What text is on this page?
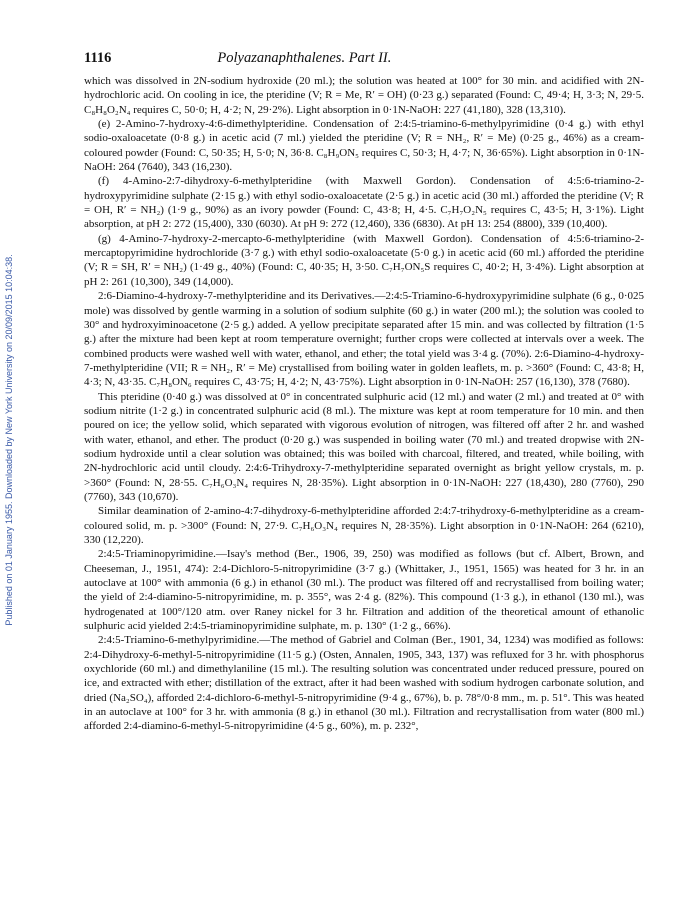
Published on 01 January 1955. Downloaded by New York University on 20/09/2015 10:04:38.
1116	Polyazanaphthalenes. Part II.

which was dissolved in 2N-sodium hydroxide (20 ml.); the solution was heated at 100° for 30 min. and acidified with 2N-hydrochloric acid. On cooling in ice, the pteridine (V; R = Me, R′ = OH) (0·23 g.) separated (Found: C, 49·4; H, 3·3; N, 29·5. C₈H₈O₂N₄ requires C, 50·0; H, 4·2; N, 29·2%). Light absorption in 0·1N-NaOH: 227 (41,180), 328 (13,310).

(e) 2-Amino-7-hydroxy-4:6-dimethylpteridine. Condensation of 2:4:5-triamino-6-methylpyrimidine (0·4 g.) with ethyl sodio-oxaloacetate (0·8 g.) in acetic acid (7 ml.) yielded the pteridine (V; R = NH₂, R′ = Me) (0·25 g., 46%) as a cream-coloured powder (Found: C, 50·35; H, 5·0; N, 36·8. C₈H₉ON₅ requires C, 50·3; H, 4·7; N, 36·65%). Light absorption in 0·1N-NaOH: 264 (7640), 343 (16,230).

(f) 4-Amino-2:7-dihydroxy-6-methylpteridine (with Maxwell Gordon). Condensation of 4:5:6-triamino-2-hydroxypyrimidine sulphate (2·15 g.) with ethyl sodio-oxaloacetate (2·5 g.) in acetic acid (30 ml.) afforded the pteridine (V; R = OH, R′ = NH₂) (1·9 g., 90%) as an ivory powder (Found: C, 43·8; H, 4·5. C₇H₇O₂N₅ requires C, 43·5; H, 3·1%). Light absorption, at pH 2: 272 (15,400), 330 (6030). At pH 9: 272 (12,460), 336 (6830). At pH 13: 254 (8800), 339 (10,400).

(g) 4-Amino-7-hydroxy-2-mercapto-6-methylpteridine (with Maxwell Gordon). Condensation of 4:5:6-triamino-2-mercaptopyrimidine hydrochloride (3·7 g.) with ethyl sodio-oxaloacetate (5·0 g.) in acetic acid (60 ml.) afforded the pteridine (V; R = SH, R′ = NH₂) (1·49 g., 40%) (Found: C, 40·35; H, 3·50. C₇H₇ON₅S requires C, 40·2; H, 3·4%). Light absorption at pH 2: 261 (10,300), 349 (14,000).

2:6-Diamino-4-hydroxy-7-methylpteridine and its Derivatives.—2:4:5-Triamino-6-hydroxypyrimidine sulphate (6 g., 0·025 mole) was dissolved by gentle warming in a solution of sodium sulphite (60 g.) in water (200 ml.); the solution was cooled to 30° and hydroxyiminoacetone (2·5 g.) added. A yellow precipitate separated after 15 min. and was collected by filtration (1·5 g.) after the mixture had been kept at room temperature overnight; further crops were collected at intervals over a week. The combined products were washed well with water, ethanol, and ether; the total yield was 3·4 g. (70%). 2:6-Diamino-4-hydroxy-7-methylpteridine (VII; R = NH₂, R′ = Me) crystallised from boiling water in golden leaflets, m. p. >360° (Found: C, 43·8; H, 4·3; N, 43·35. C₇H₈ON₆ requires C, 43·75; H, 4·2; N, 43·75%). Light absorption in 0·1N-NaOH: 257 (16,130), 378 (7680).

This pteridine (0·40 g.) was dissolved at 0° in concentrated sulphuric acid (12 ml.) and water (2 ml.) and treated at 0° with sodium nitrite (1·2 g.) in concentrated sulphuric acid (8 ml.). The mixture was kept at room temperature for 10 min. and then poured on ice; the yellow solid, which separated with vigorous evolution of nitrogen, was filtered off after 2 hr. and washed with water, ethanol, and ether. The product (0·20 g.) was suspended in boiling water (70 ml.) and treated dropwise with 2N-sodium hydroxide until a clear solution was obtained; this was boiled with charcoal, filtered, and treated, while boiling, with 2N-hydrochloric acid until cloudy. 2:4:6-Trihydroxy-7-methylpteridine separated overnight as bright yellow crystals, m. p. >360° (Found: N, 28·55. C₇H₆O₃N₄ requires N, 28·35%). Light absorption in 0·1N-NaOH: 227 (18,430), 280 (7760), 290 (7760), 343 (10,670).

Similar deamination of 2-amino-4:7-dihydroxy-6-methylpteridine afforded 2:4:7-trihydroxy-6-methylpteridine as a cream-coloured solid, m. p. >300° (Found: N, 27·9. C₇H₆O₃N₄ requires N, 28·35%). Light absorption in 0·1N-NaOH: 264 (6210), 330 (12,220).

2:4:5-Triaminopyrimidine.—Isay's method (Ber., 1906, 39, 250) was modified as follows (but cf. Albert, Brown, and Cheeseman, J., 1951, 474): 2:4-Dichloro-5-nitropyrimidine (3·7 g.) (Whittaker, J., 1951, 1565) was heated for 3 hr. in an autoclave at 100° with ammonia (6 g.) in ethanol (30 ml.). The product was filtered off and recrystallised from boiling water; the yield of 2:4-diamino-5-nitropyrimidine, m. p. 355°, was 2·4 g. (82%). This compound (1·3 g.), in ethanol (130 ml.), was hydrogenated at 100°/120 atm. over Raney nickel for 3 hr. Filtration and addition of the theoretical amount of ethanolic sulphuric acid yielded 2:4:5-triaminopyrimidine sulphate, m. p. 130° (1·2 g., 66%).

2:4:5-Triamino-6-methylpyrimidine.—The method of Gabriel and Colman (Ber., 1901, 34, 1234) was modified as follows: 2:4-Dihydroxy-6-methyl-5-nitropyrimidine (11·5 g.) (Osten, Annalen, 1905, 343, 137) was refluxed for 3 hr. with phosphorus oxychloride (60 ml.) and dimethylaniline (15 ml.). The resulting solution was concentrated under reduced pressure, poured on ice, and extracted with ether; distillation of the extract, after it had been washed with sodium hydrogen carbonate solution, and dried (Na₂SO₄), afforded 2:4-dichloro-6-methyl-5-nitropyrimidine (9·4 g., 67%), b. p. 78°/0·8 mm., m. p. 51°. This was heated in an autoclave at 100° for 3 hr. with ammonia (8 g.) in ethanol (30 ml.). Filtration and recrystallisation from water (800 ml.) afforded 2:4-diamino-6-methyl-5-nitropyrimidine (4·5 g., 60%), m. p. 232°,
